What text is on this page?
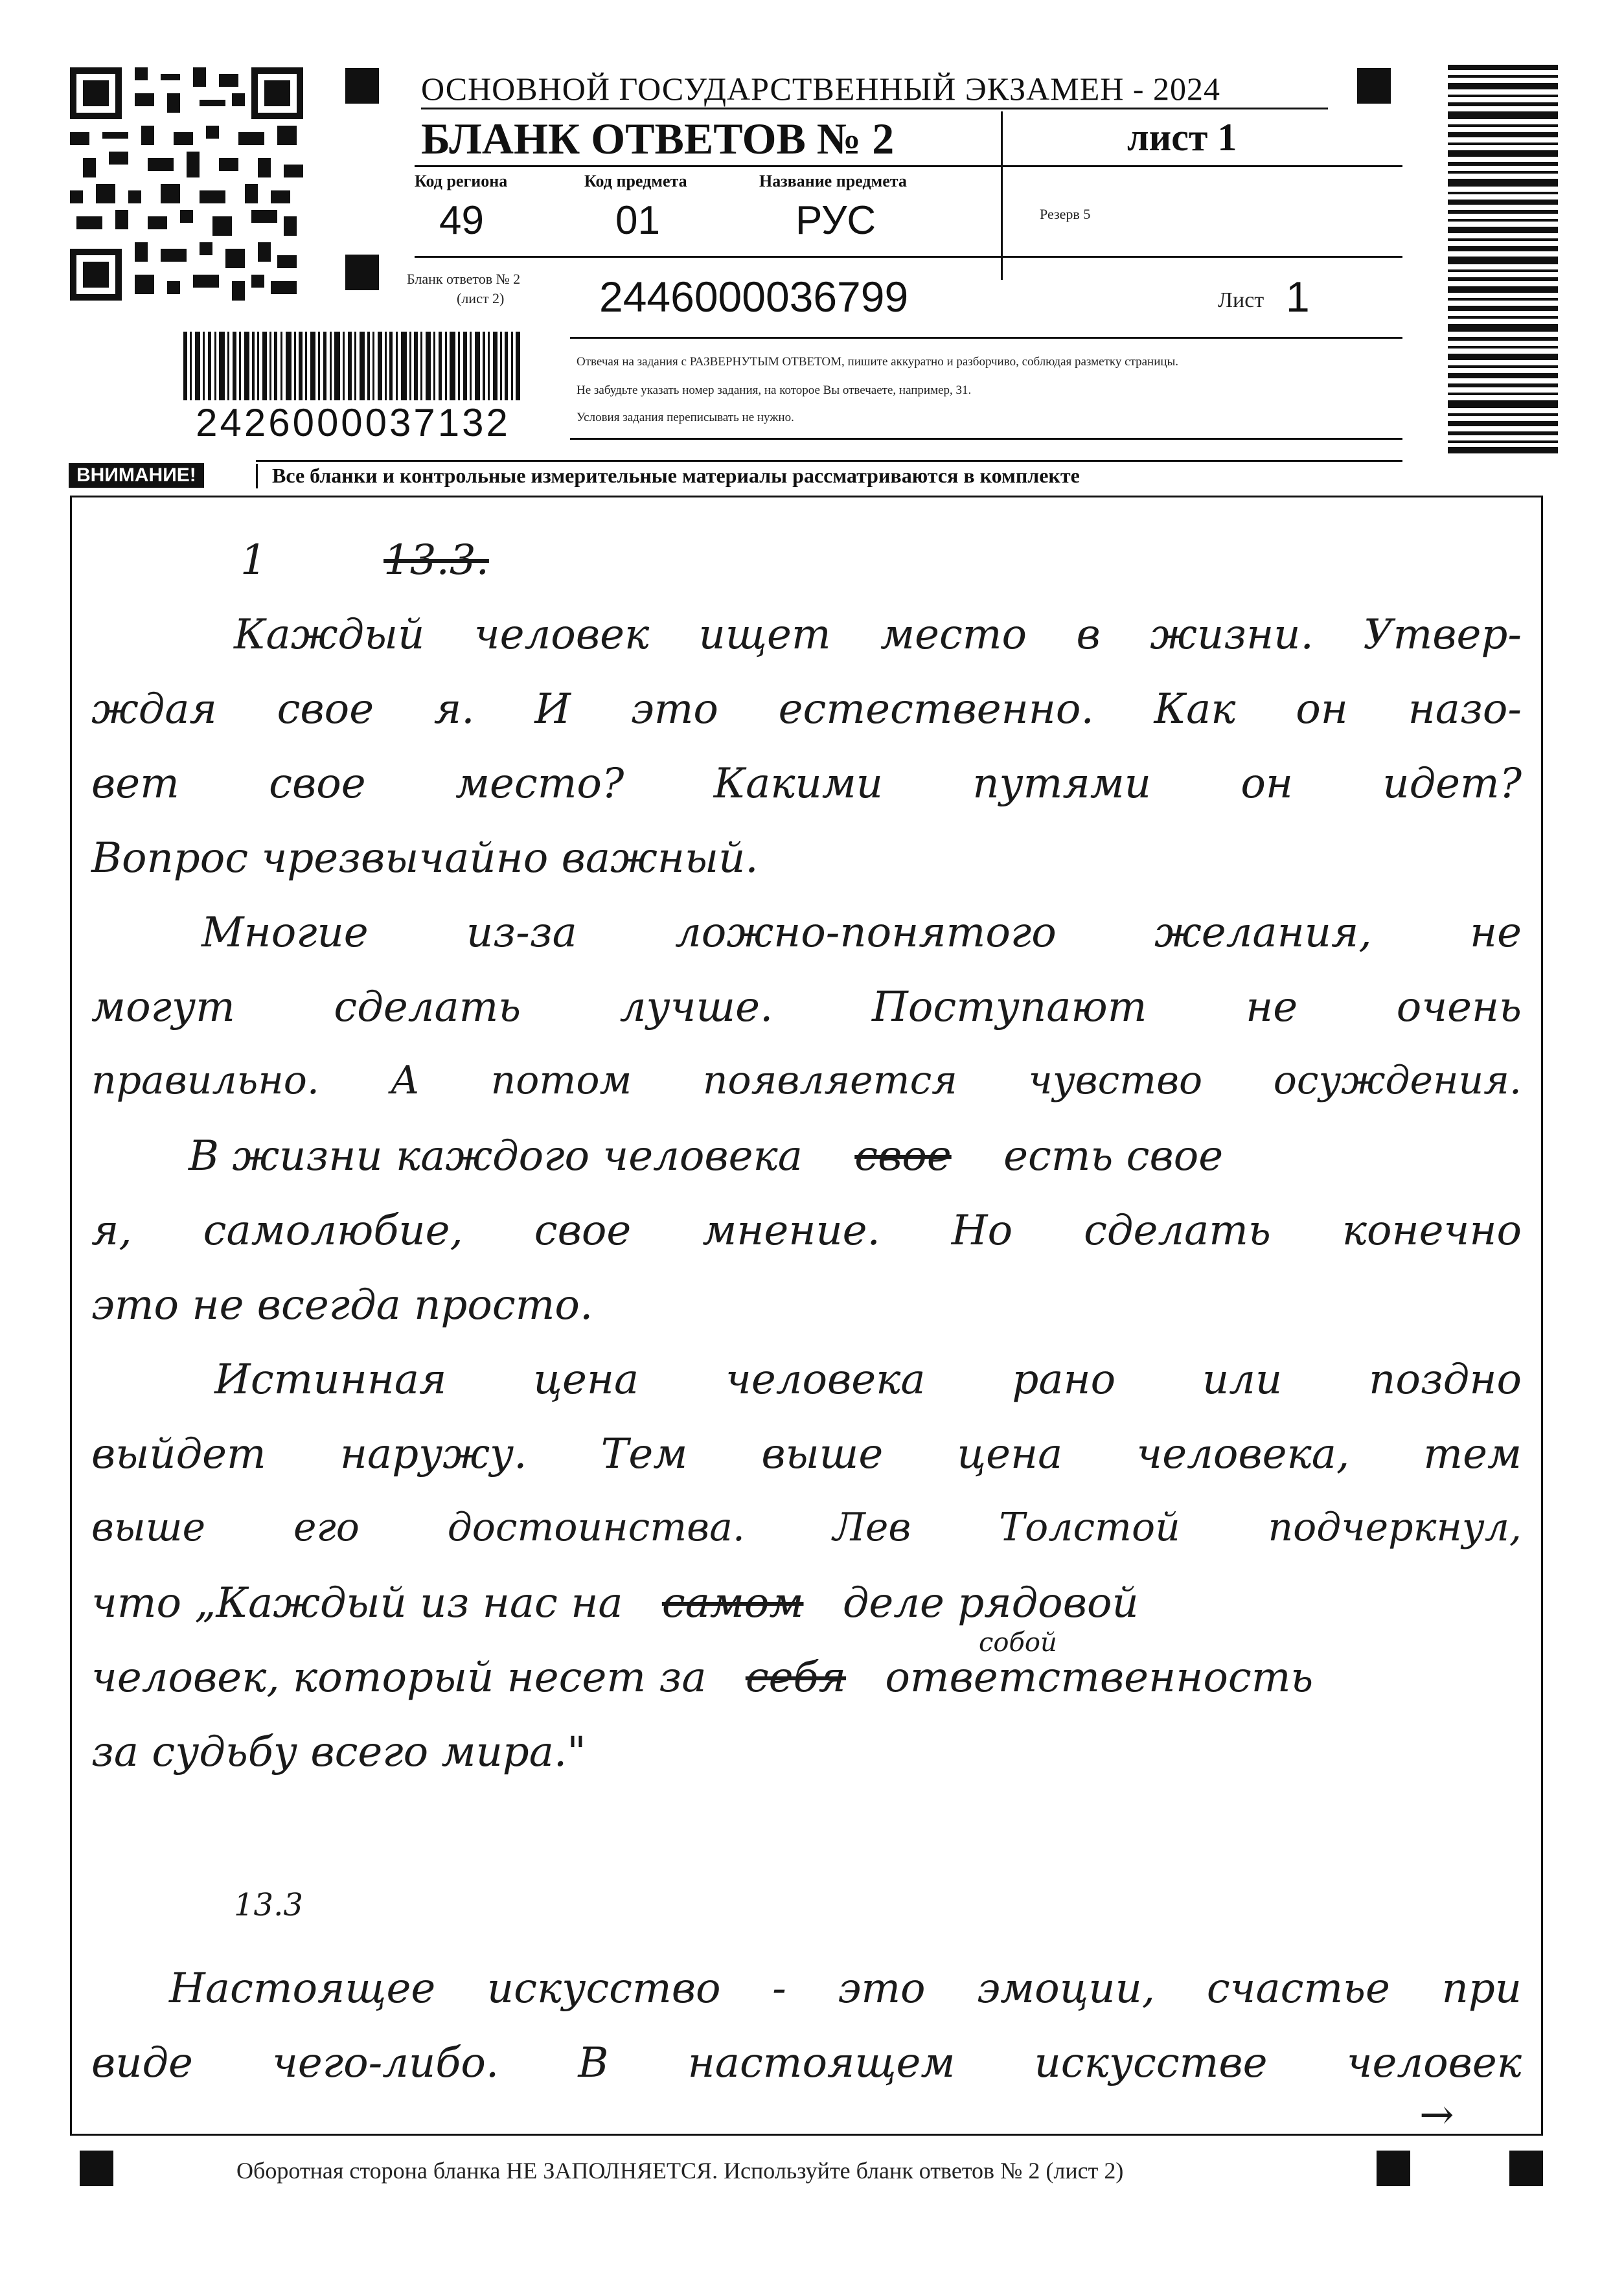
2426000037132
ОСНОВНОЙ ГОСУДАРСТВЕННЫЙ ЭКЗАМЕН - 2024
БЛАНК ОТВЕТОВ № 2	лист 1
Код региона
49
Код предмета
01
Название предмета
РУС	Резерв 5
Бланк ответов № 2
(лист 2) 2446000036799	Лист 1
Отвечая на задания с РАЗВЕРНУТЫМ ОТВЕТОМ, пишите аккуратно и разборчиво, соблюдая разметку страницы.
Не забудьте указать номер задания, на которое Вы отвечаете, например, 31.
Условия задания переписывать не нужно.
ВНИМАНИЕ!	Все бланки и контрольные измерительные материалы рассматриваются в комплекте
1	13.3.
Каждый человек ищет место в жизни. Утвер-
ждая свое я. И это естественно. Как он назо-
вет свое место? Какими путями он идет?
Вопрос чрезвычайно важный.
Многие из-за ложно-понятого желания, не
могут сделать лучше. Поступают не очень
правильно. А потом появляется чувство осуждения.
В жизни каждого человека свое есть свое
я, самолюбие, свое мнение. Но сделать конечно
это не всегда просто.
Истинная цена человека рано или поздно
выйдет наружу. Тем выше цена человека, тем
выше его достоинства. Лев Толстой подчеркнул,
что „Каждый из нас на самом деле рядовой
собой
человек, который несет за себя ответственность
за судьбу всего мира."
13.3
Настоящее искусство - это эмоции, счастье при
виде чего-либо. В настоящем искусстве человек
→
Оборотная сторона бланка НЕ ЗАПОЛНЯЕТСЯ. Используйте бланк ответов № 2 (лист 2)
